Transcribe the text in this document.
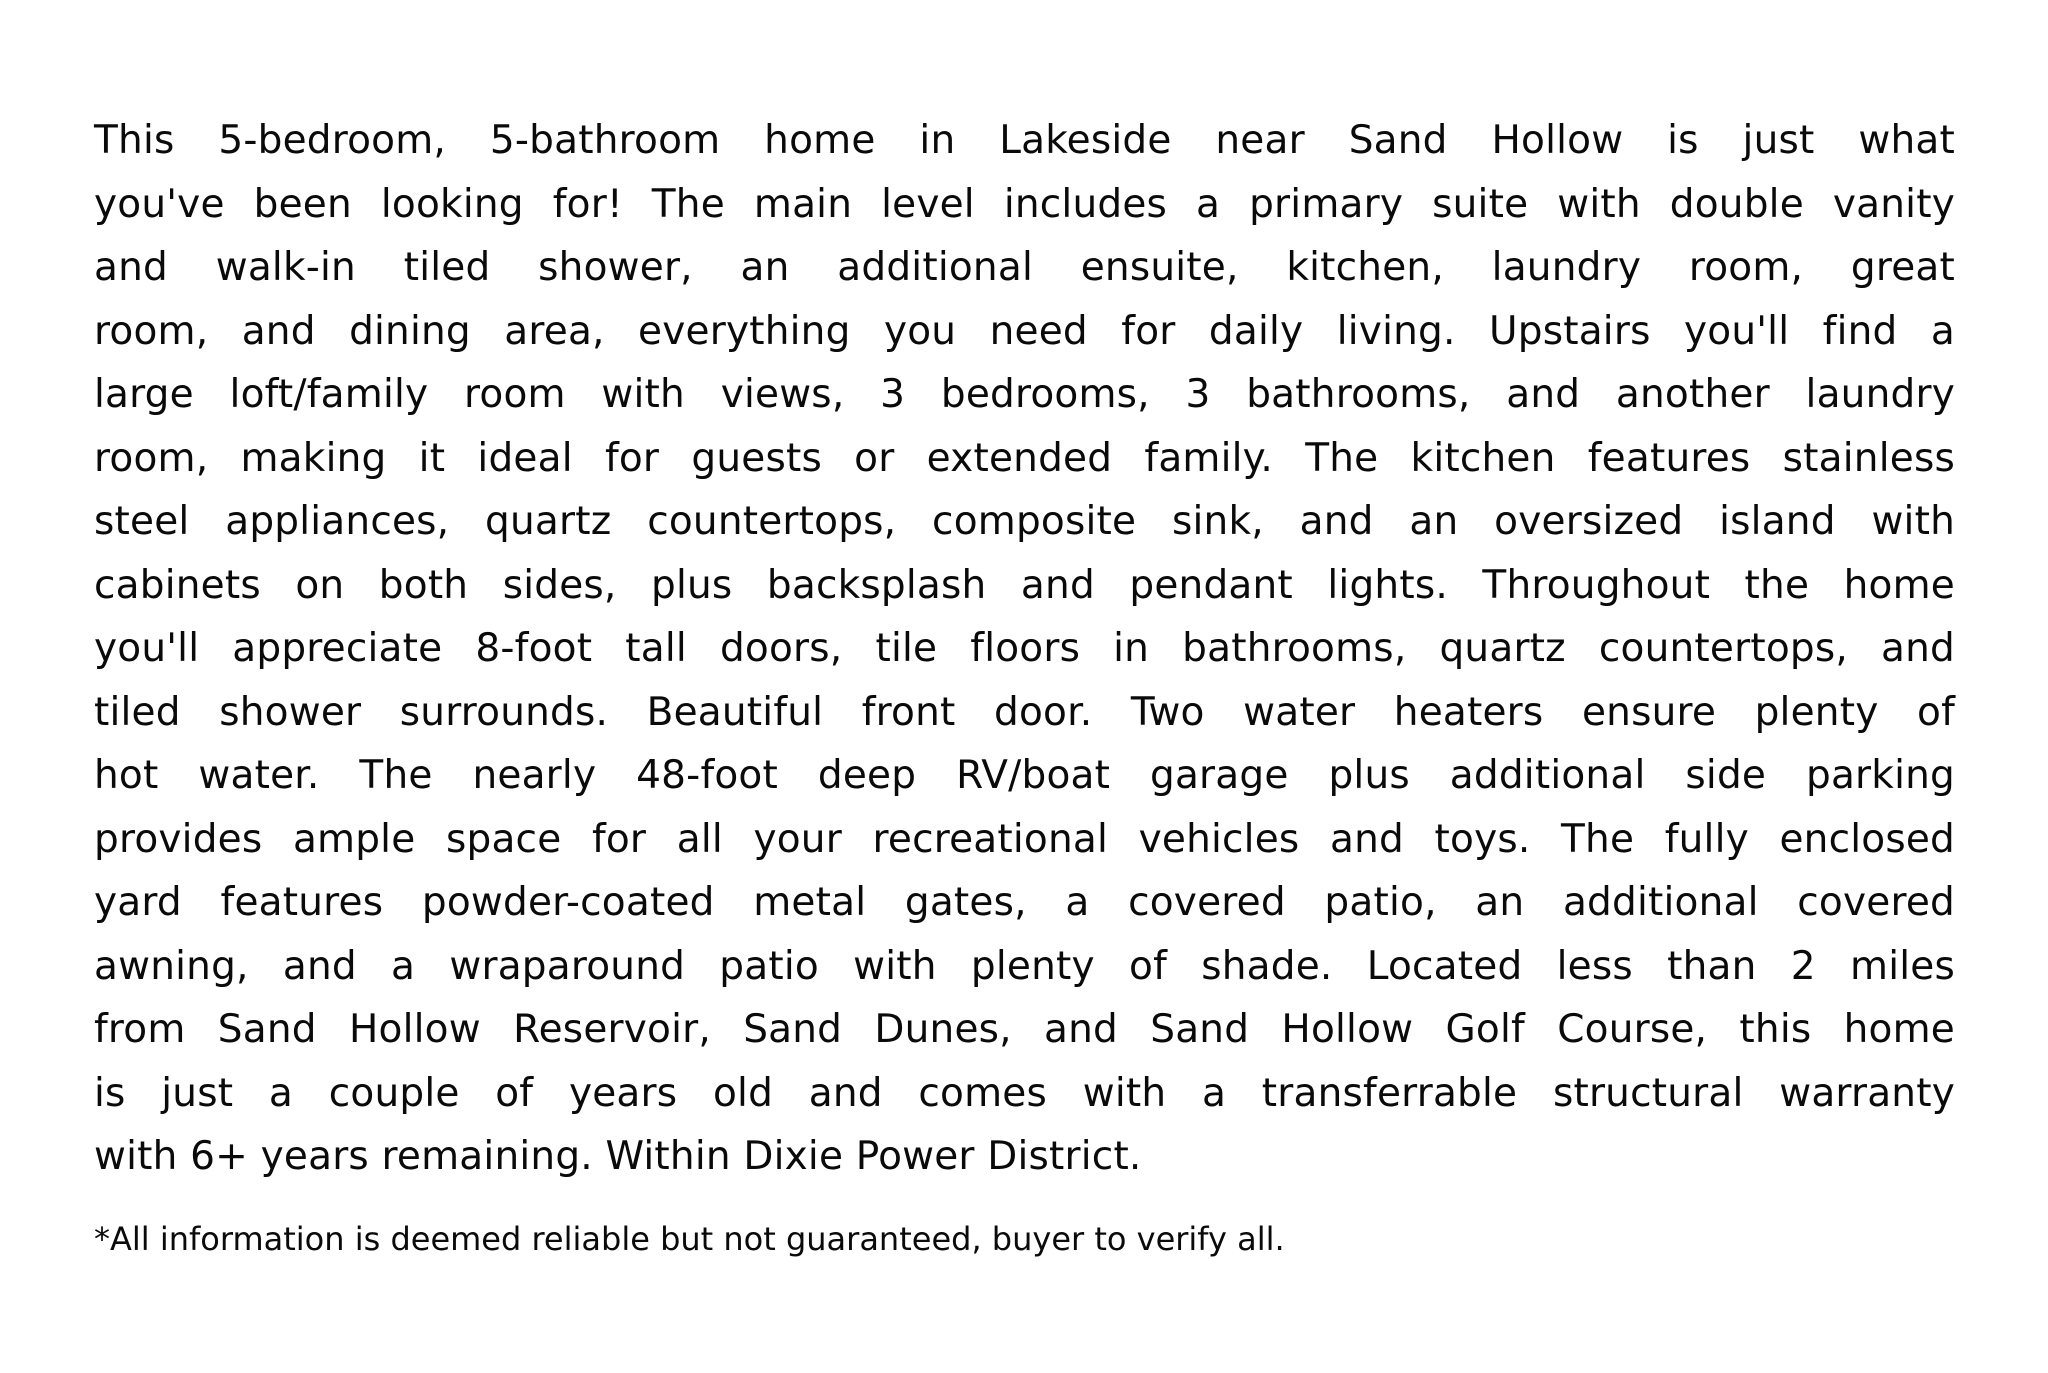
This 5-bedroom, 5-bathroom home in Lakeside near Sand Hollow is just what
you've been looking for! The main level includes a primary suite with double vanity
and walk-in tiled shower, an additional ensuite, kitchen, laundry room, great
room, and dining area, everything you need for daily living. Upstairs you'll find a
large loft/family room with views, 3 bedrooms, 3 bathrooms, and another laundry
room, making it ideal for guests or extended family. The kitchen features stainless
steel appliances, quartz countertops, composite sink, and an oversized island with
cabinets on both sides, plus backsplash and pendant lights. Throughout the home
you'll appreciate 8-foot tall doors, tile floors in bathrooms, quartz countertops, and
tiled shower surrounds. Beautiful front door. Two water heaters ensure plenty of
hot water. The nearly 48-foot deep RV/boat garage plus additional side parking
provides ample space for all your recreational vehicles and toys. The fully enclosed
yard features powder-coated metal gates, a covered patio, an additional covered
awning, and a wraparound patio with plenty of shade. Located less than 2 miles
from Sand Hollow Reservoir, Sand Dunes, and Sand Hollow Golf Course, this home
is just a couple of years old and comes with a transferrable structural warranty
with 6+ years remaining. Within Dixie Power District.
*All information is deemed reliable but not guaranteed, buyer to verify all.
